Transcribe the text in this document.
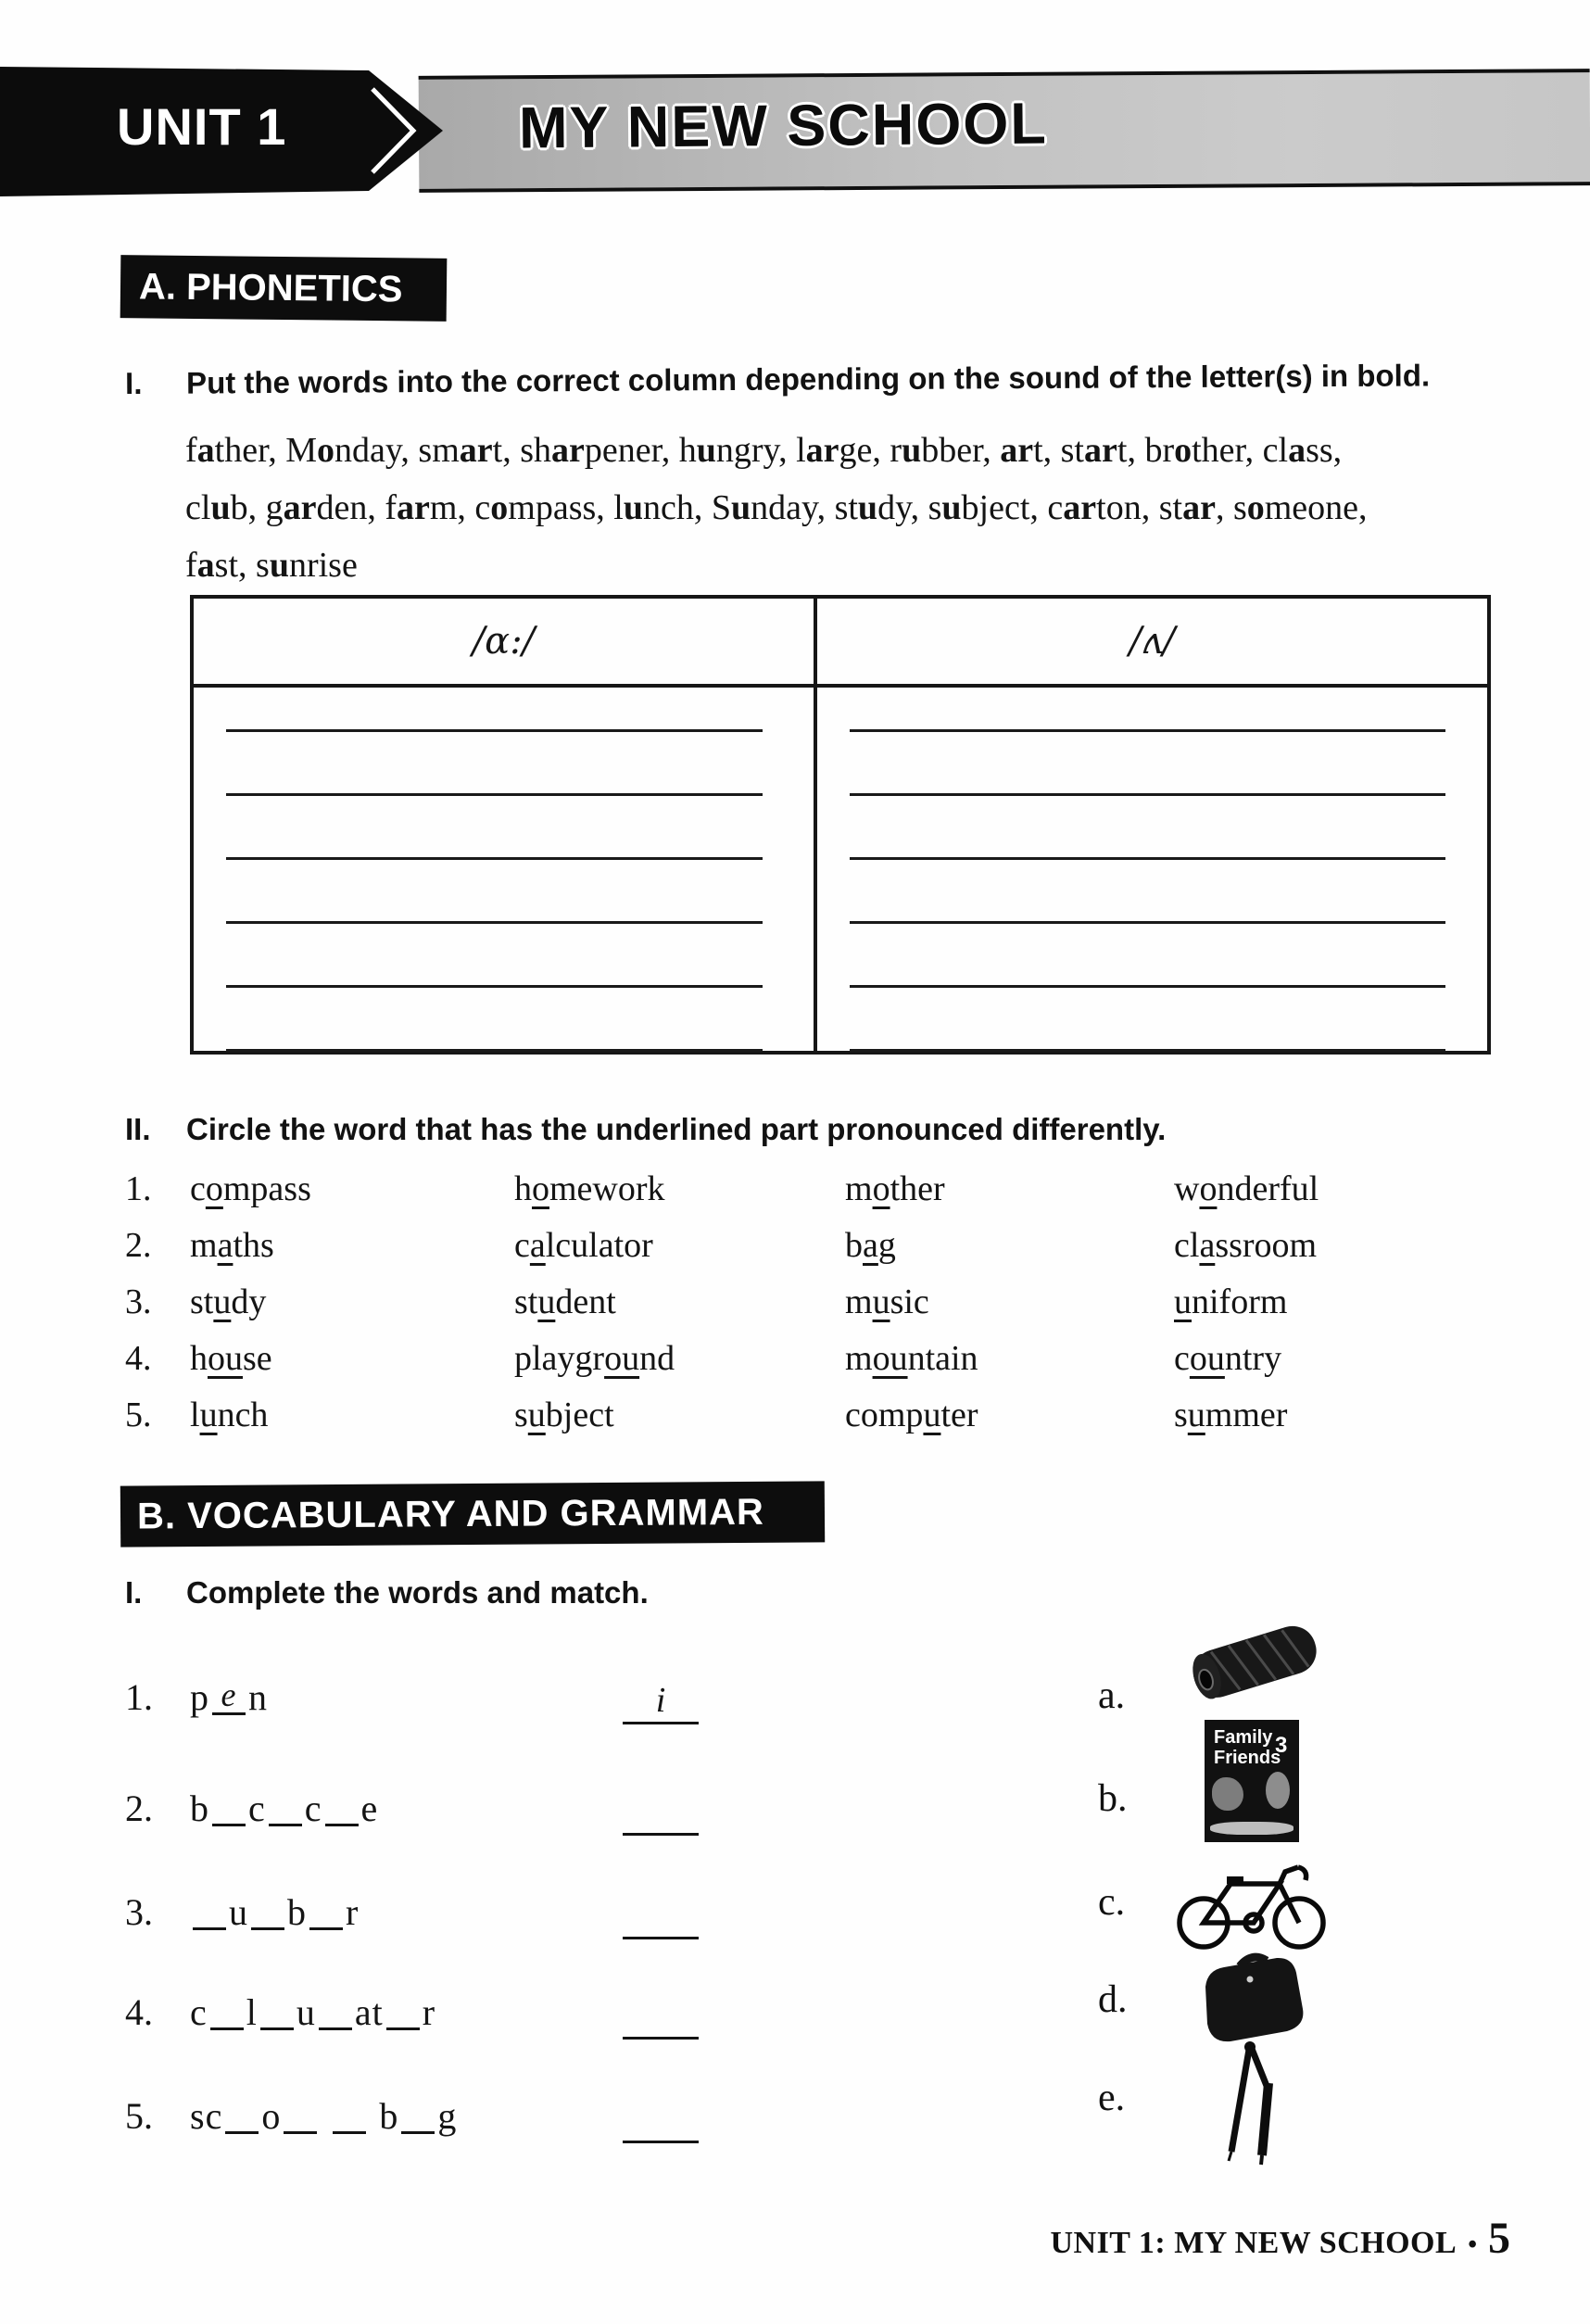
UNIT 1	MY NEW SCHOOL
A. PHONETICS
I.	Put the words into the correct column depending on the sound of the letter(s) in bold.
father, Monday, smart, sharpener, hungry, large, rubber, art, start, brother, class,
club, garden, farm, compass, lunch, Sunday, study, subject, carton, star, someone,
fast, sunrise
/ɑ:/	/ʌ/
II.	Circle the word that has the underlined part pronounced differently.
1.	compass	homework	mother	wonderful
2.	maths	calculator	bag	classroom
3.	study	student	music	uniform
4.	house	playground	mountain	country
5.	lunch	subject	computer	summer
B. VOCABULARY AND GRAMMAR
I.	Complete the words and match.
1. p e n	i
2. b c c e
3. u b r
4. c l u at r
5. sc o  b g
a.
b.
c.
d.
e.
Family
Friends
3
UNIT 1: MY NEW SCHOOL • 5
